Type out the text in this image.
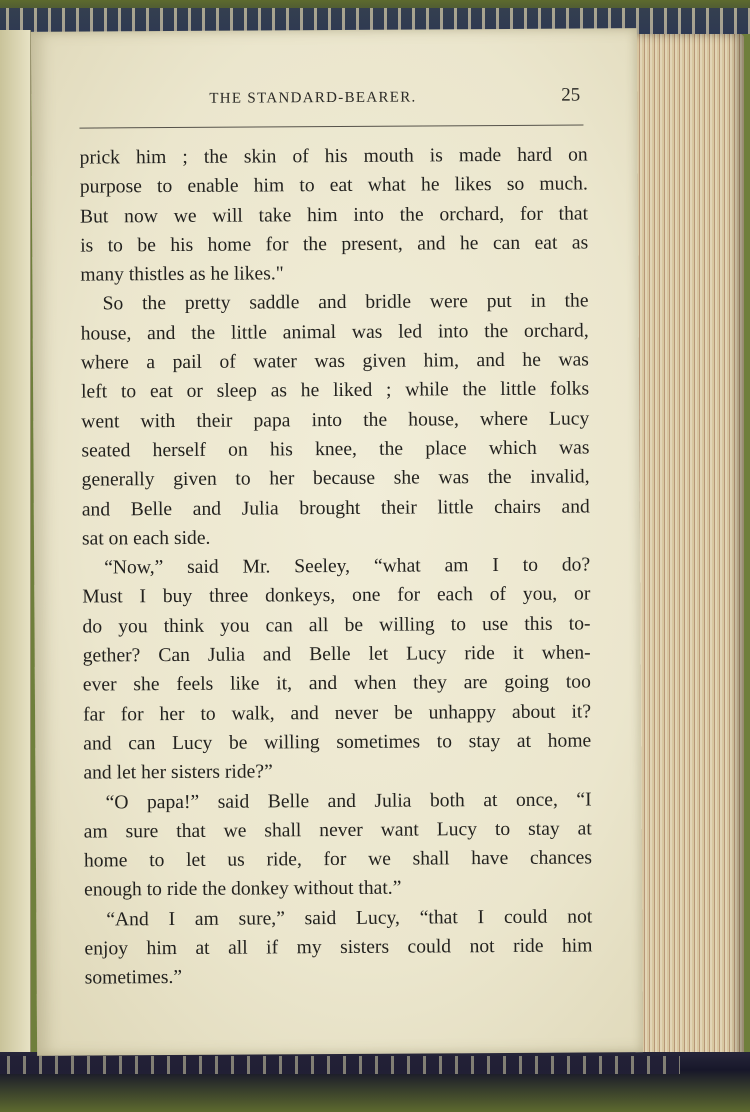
THE STANDARD-BEARER.	25
prick him ; the skin of his mouth is made hard on
purpose to enable him to eat what he likes so much.
But now we will take him into the orchard, for that
is to be his home for the present, and he can eat as
many thistles as he likes."
So the pretty saddle and bridle were put in the
house, and the little animal was led into the orchard,
where a pail of water was given him, and he was
left to eat or sleep as he liked ; while the little folks
went with their papa into the house, where Lucy
seated herself on his knee, the place which was
generally given to her because she was the invalid,
and Belle and Julia brought their little chairs and
sat on each side.
“Now,” said Mr. Seeley, “what am I to do?
Must I buy three donkeys, one for each of you, or
do you think you can all be willing to use this to-
gether? Can Julia and Belle let Lucy ride it when-
ever she feels like it, and when they are going too
far for her to walk, and never be unhappy about it?
and can Lucy be willing sometimes to stay at home
and let her sisters ride?”
“O papa!” said Belle and Julia both at once, “I
am sure that we shall never want Lucy to stay at
home to let us ride, for we shall have chances
enough to ride the donkey without that.”
“And I am sure,” said Lucy, “that I could not
enjoy him at all if my sisters could not ride him
sometimes.”
